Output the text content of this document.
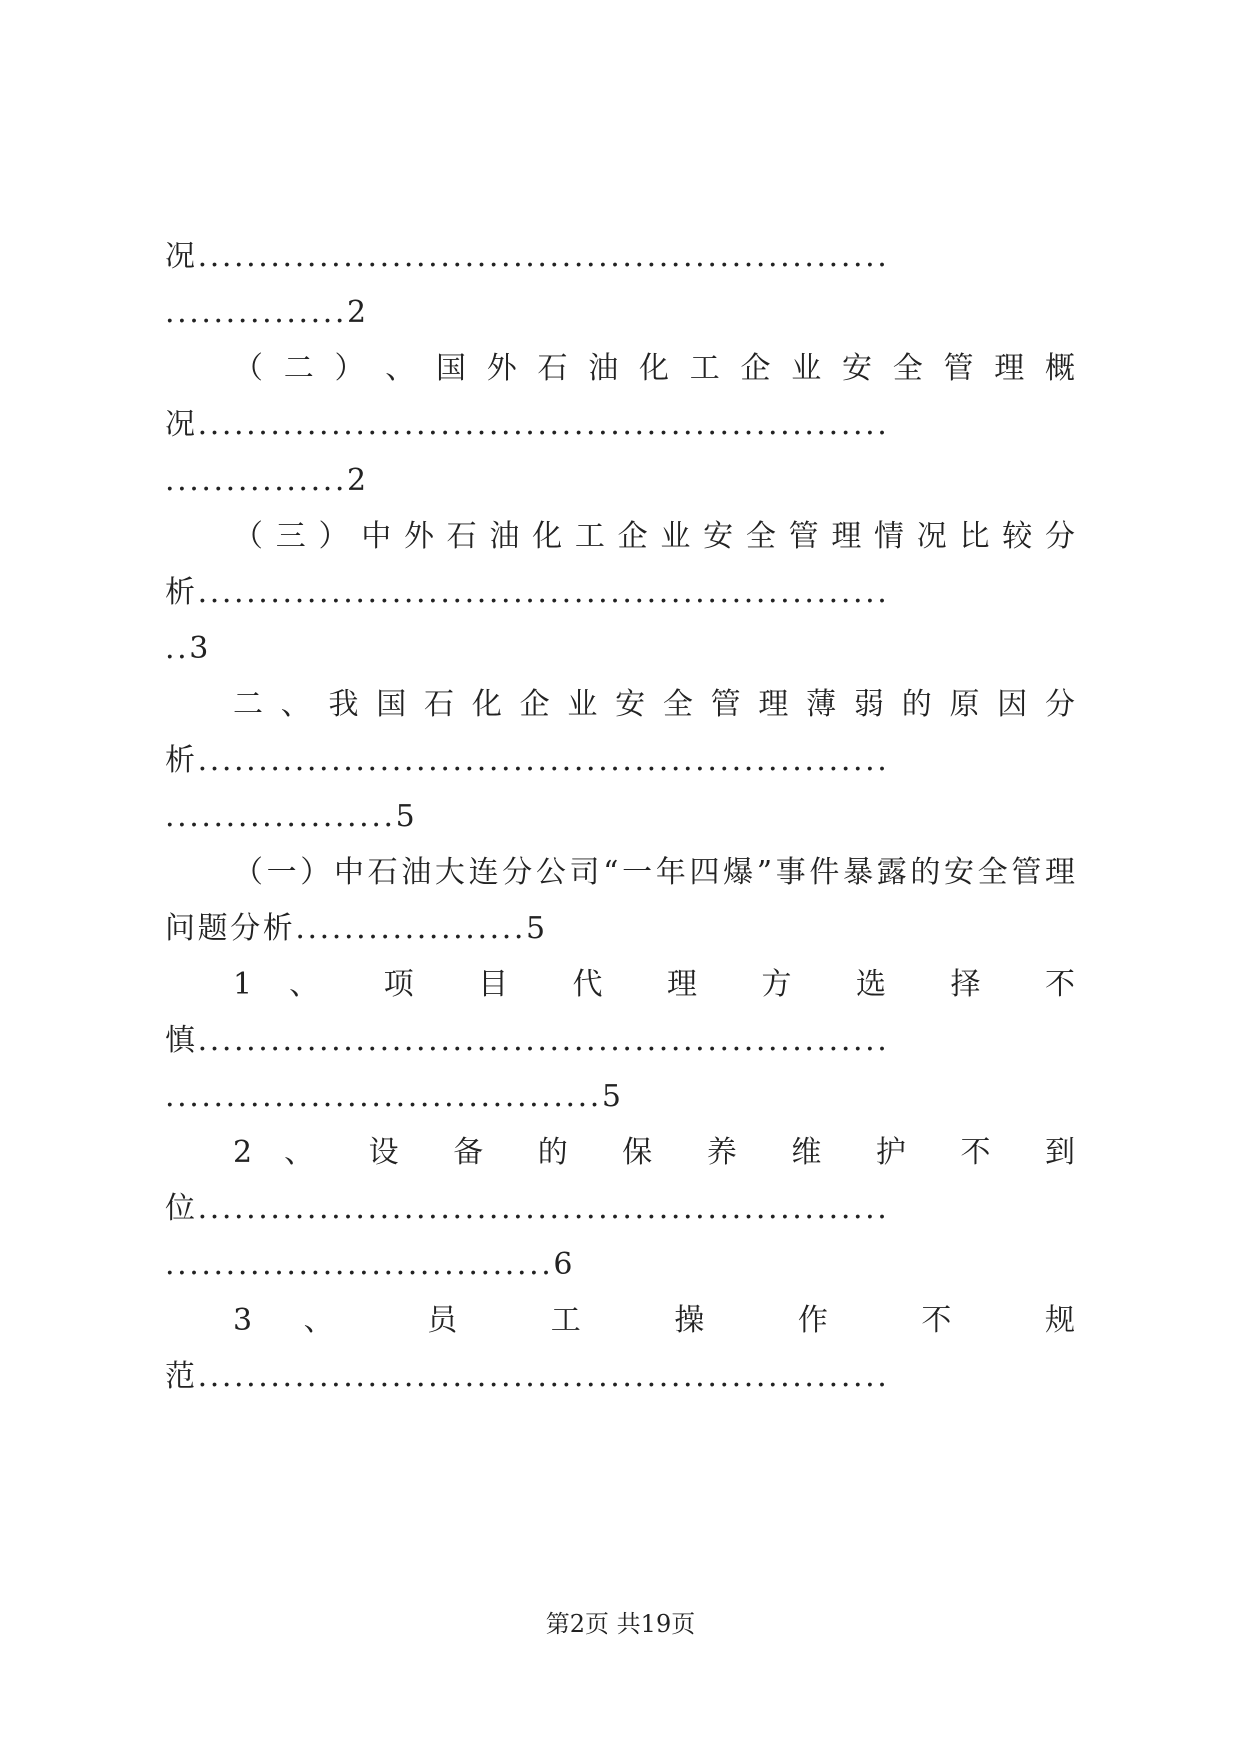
况.........................................................
...............2
（ 二 ） 、 国 外 石 油 化 工 企 业 安 全 管 理 概
况.........................................................
...............2
（ 三 ） 中 外 石 油 化 工 企 业 安 全 管 理 情 况 比 较 分
析.........................................................
..3
二 、 我 国 石 化 企 业 安 全 管 理 薄 弱 的 原 因 分
析.........................................................
...................5
（一）中石油大连分公司“一年四爆”事件暴露的安全管理
问题分析...................5
1 、 项 目 代 理 方 选 择 不
慎.........................................................
....................................5
2 、 设 备 的 保 养 维 护 不 到
位.........................................................
................................6
3 、 员 工 操 作 不 规
范.........................................................
第2页 共19页
